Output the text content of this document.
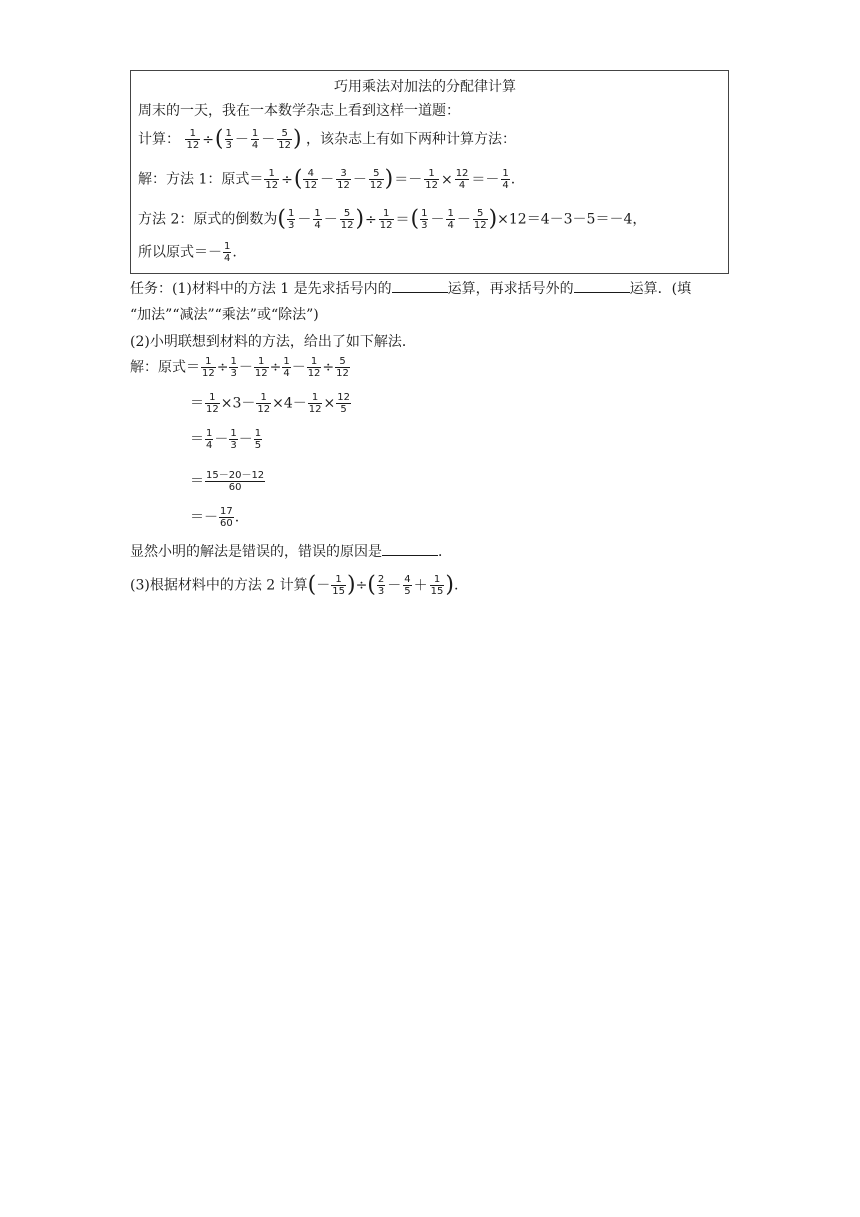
巧用乘法对加法的分配律计算
周末的一天，我在一本数学杂志上看到这样一道题：
计算： $\frac{1}{12}$ ÷( $\frac{1}{3} - \frac{1}{4} - \frac{5}{12}$ ) ，该杂志上有如下两种计算方法：
解：方法 1：原式＝ $\frac{1}{12}$ ÷( $\frac{4}{12} - \frac{3}{12} - \frac{5}{12}$ )＝－ $\frac{1}{12} \times \frac{12}{4} =- \frac{1}{4}$ .
方法 2：原式的倒数为( $\frac{1}{3} - \frac{1}{4} - \frac{5}{12}$ )÷ $\frac{1}{12}$ ＝( $\frac{1}{3} - \frac{1}{4} - \frac{5}{12} )\times 12=4-3-5=-4$，
所以原式＝－ $\frac{1}{4}$ .
任务：(1)材料中的方法 1 是先求括号内的	运算，再求括号外的	运算．(填
“加法”“减法”“乘法”或“除法”)
(2)小明联想到材料的方法，给出了如下解法．
解：原式＝ $\frac{1}{12} \div \frac{1}{3} - \frac{1}{12} \div \frac{1}{4} - \frac{1}{12} \div \frac{5}{12}$
＝ $\frac{1}{12} \times 3- \frac{1}{12} \times 4- \frac{1}{12} \times \frac{12}{5}$
＝ $\frac{1}{4} - \frac{1}{3} - \frac{1}{5}$
＝ $\frac{15-20-12}{60}$
＝－ $\frac{17}{60}$ .
显然小明的解法是错误的，错误的原因是	．
(3)根据材料中的方法 2 计算(－ $\frac{1}{15}$ )÷( $\frac{2}{3} - \frac{4}{5} + \frac{1}{15}$ ).
